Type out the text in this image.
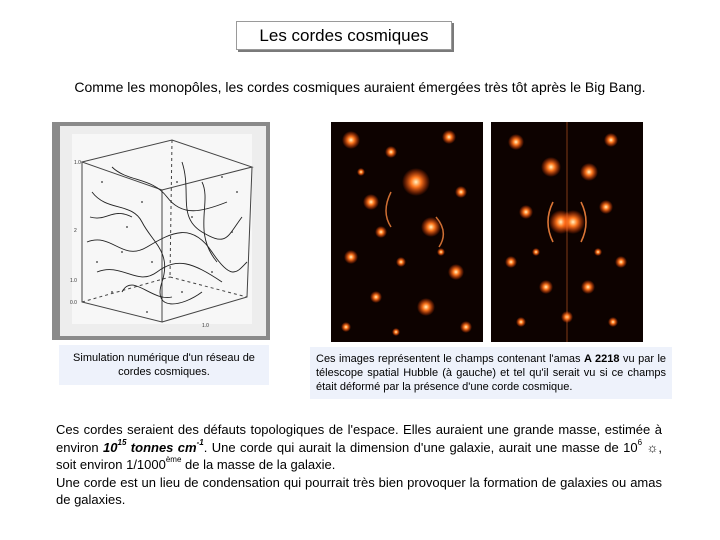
Les cordes cosmiques
Comme les monopôles, les cordes cosmiques auraient émergées très tôt après le Big Bang.
1.0
2
1.0
0.0
1.0
Simulation numérique d'un réseau de cordes cosmiques.
Ces images représentent le champs contenant l'amas A 2218 vu par le télescope spatial Hubble (à gauche) et tel qu'il serait vu si ce champs était déformé par la présence d'une corde cosmique.

Ces cordes seraient des défauts topologiques de l'espace. Elles auraient une grande masse, estimée à environ $10^{15}$ tonnes $cm^{-1}$. Une corde qui aurait la dimension d'une galaxie, aurait une masse de $10^6$ ☼, soit environ 1/1000ème de la masse de la galaxie.

Une corde est un lieu de condensation qui pourrait très bien provoquer la formation de galaxies ou amas de galaxies.
